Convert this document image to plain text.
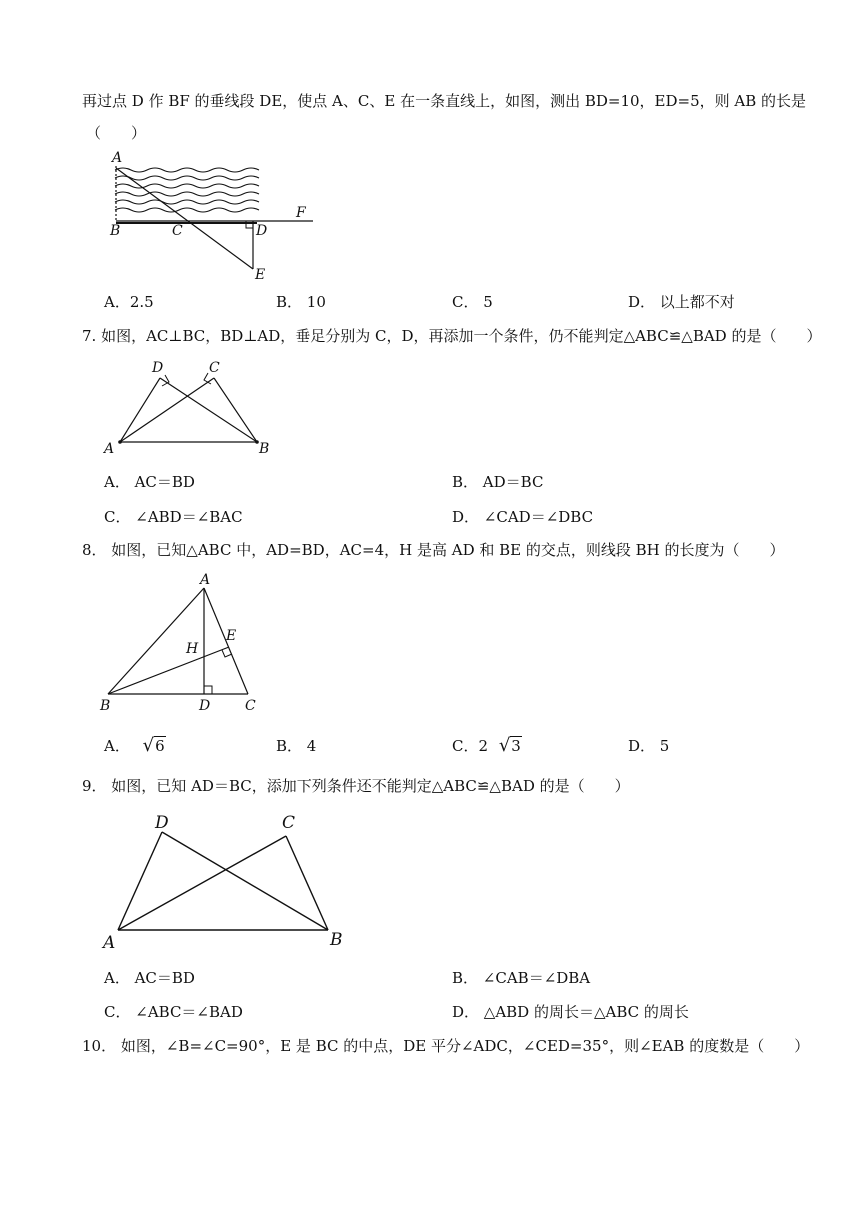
再过点 D 作 BF 的垂线段 DE，使点 A、C、E 在一条直线上，如图，测出 BD=10，ED=5，则 AB 的长是
（　　）
A
B	C	D
E
F
A．2.5	B． 10	C． 5	D． 以上都不对
7. 如图，AC⊥BC，BD⊥AD，垂足分别为 C，D，再添加一个条件，仍不能判定△ABC≌△BAD 的是（　　）
A	B
C
D
A． AC＝BD	B． AD＝BC
C． ∠ABD＝∠BAC	D． ∠CAD＝∠DBC
8． 如图，已知△ABC 中，AD=BD，AC=4，H 是高 AD 和 BE 的交点，则线段 BH 的长度为（　　）
A
B	C
D
E
H
A． √6	B． 4	C．2 √3	D． 5
9． 如图，已知 AD＝BC，添加下列条件还不能判定△ABC≌△BAD 的是（　　）
A	B
C
D
A． AC＝BD	B． ∠CAB＝∠DBA
C． ∠ABC＝∠BAD	D． △ABD 的周长＝△ABC 的周长
10． 如图，∠B=∠C=90°，E 是 BC 的中点，DE 平分∠ADC，∠CED=35°，则∠EAB 的度数是（　　）
